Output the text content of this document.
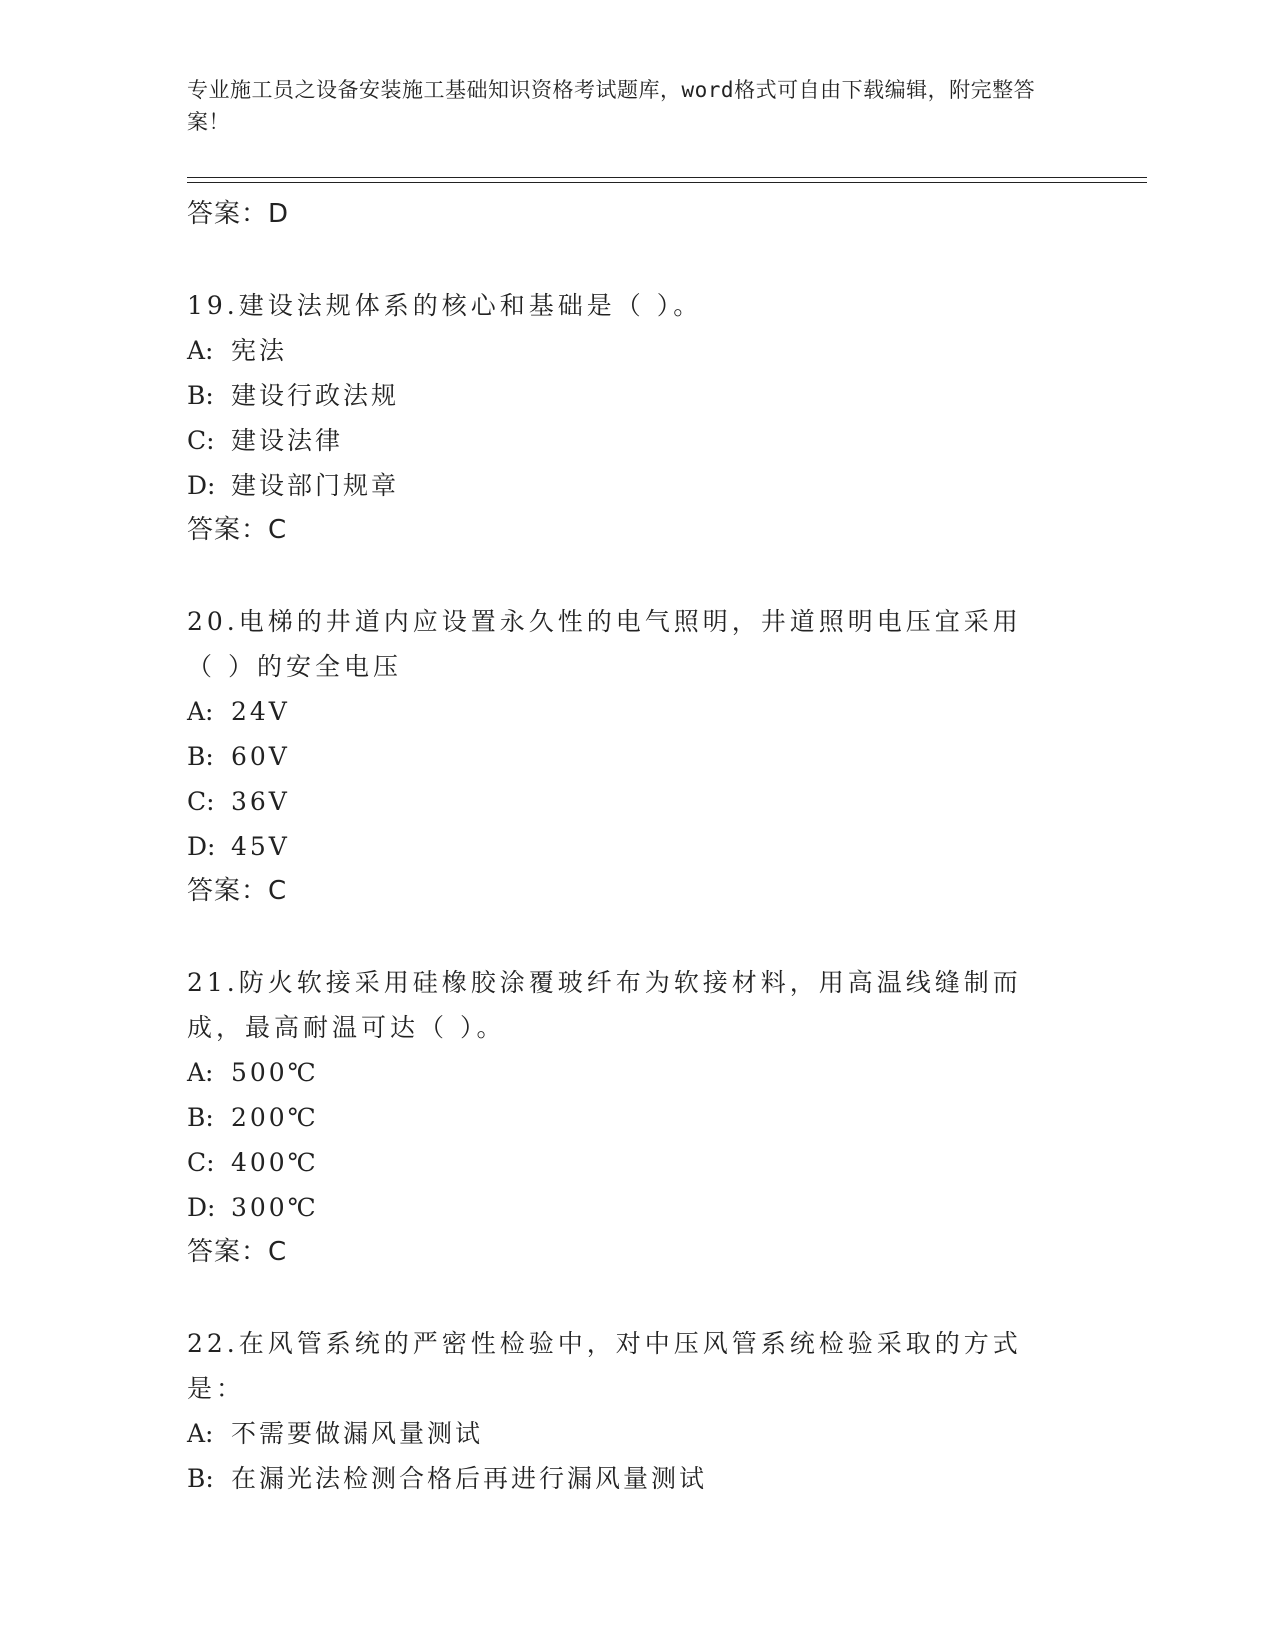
专业施工员之设备安装施工基础知识资格考试题库，word格式可自由下载编辑，附完整答案！
答案：D
19.建设法规体系的核心和基础是（ ）。
A: 宪法
B: 建设行政法规
C: 建设法律
D: 建设部门规章
答案：C
20.电梯的井道内应设置永久性的电气照明，井道照明电压宜采用（ ）的安全电压
A: 24V
B: 60V
C: 36V
D: 45V
答案：C
21.防火软接采用硅橡胶涂覆玻纤布为软接材料，用高温线缝制而成，最高耐温可达（ ）。
A: 500℃
B: 200℃
C: 400℃
D: 300℃
答案：C
22.在风管系统的严密性检验中，对中压风管系统检验采取的方式是：
A: 不需要做漏风量测试
B: 在漏光法检测合格后再进行漏风量测试
